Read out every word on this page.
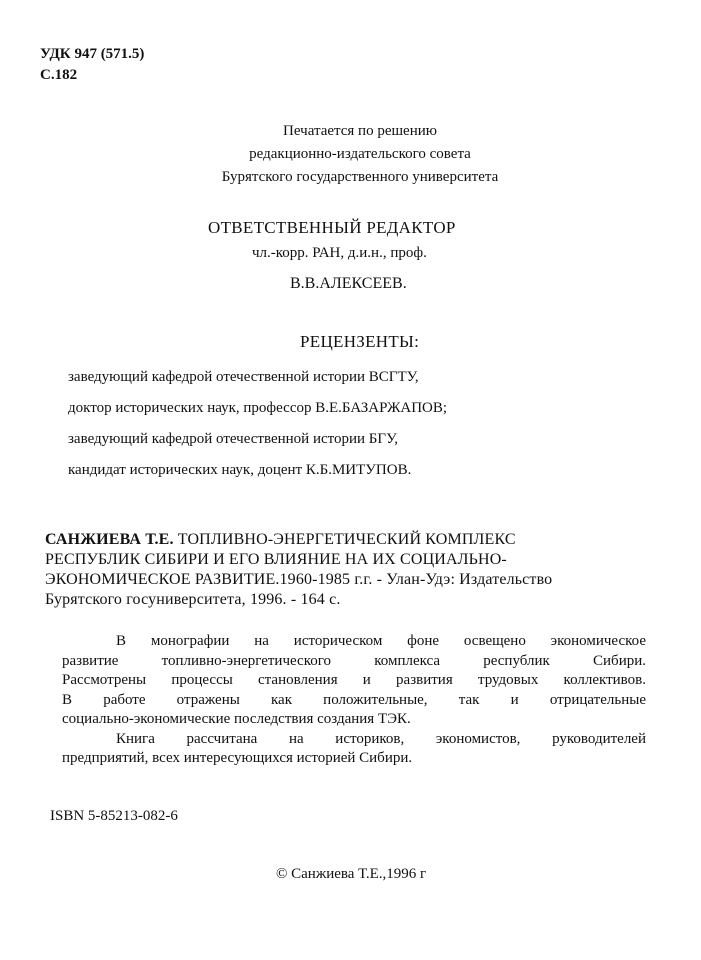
УДК 947 (571.5)
С.182
Печатается по решению
редакционно-издательского совета
Бурятского государственного университета
ОТВЕТСТВЕННЫЙ РЕДАКТОР
чл.-корр. РАН, д.и.н., проф.
В.В.АЛЕКСЕЕВ.
РЕЦЕНЗЕНТЫ:
заведующий кафедрой отечественной истории ВСГТУ,
доктор исторических наук, профессор В.Е.БАЗАРЖАПОВ;
заведующий кафедрой отечественной истории БГУ,
кандидат исторических наук, доцент К.Б.МИТУПОВ.
САНЖИЕВА Т.Е. ТОПЛИВНО-ЭНЕРГЕТИЧЕСКИЙ КОМПЛЕКС
РЕСПУБЛИК СИБИРИ И ЕГО ВЛИЯНИЕ НА ИХ СОЦИАЛЬНО-
ЭКОНОМИЧЕСКОЕ РАЗВИТИЕ.1960-1985 г.г. - Улан-Удэ: Издательство
Бурятского госуниверситета, 1996. - 164 с.
В монографии на историческом фоне освещено экономическое
развитие топливно-энергетического комплекса республик Сибири.
Рассмотрены процессы становления и развития трудовых коллективов.
В работе отражены как положительные, так и отрицательные
социально-экономические последствия создания ТЭК.
Книга рассчитана на историков, экономистов, руководителей
предприятий, всех интересующихся историей Сибири.
ISBN 5-85213-082-6
© Санжиева Т.Е.,1996 г
